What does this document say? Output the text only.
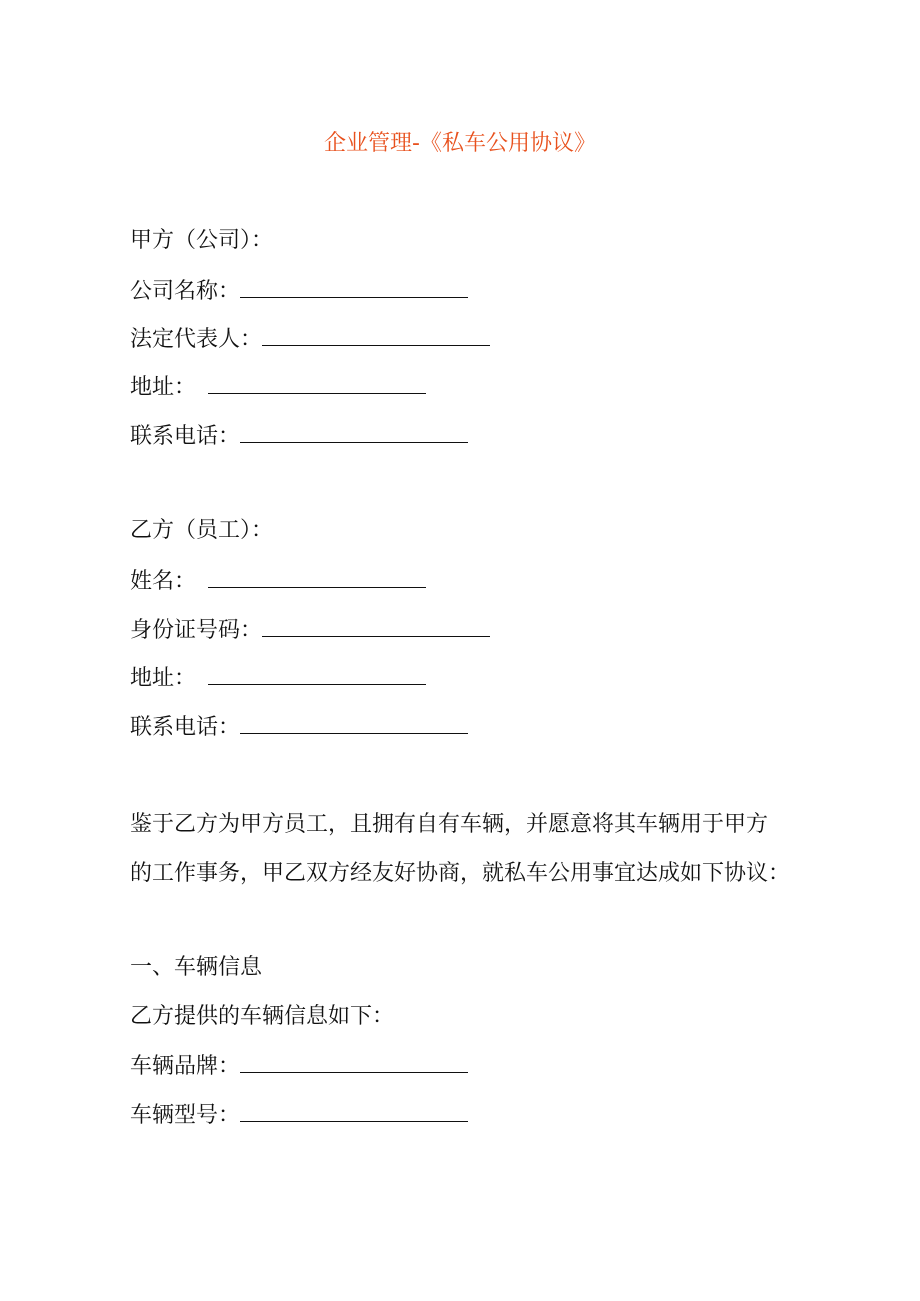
企业管理-《私车公用协议》
甲方（公司）：
公司名称：
法定代表人：
地址：
联系电话：
乙方（员工）：
姓名：
身份证号码：
地址：
联系电话：
鉴于乙方为甲方员工，且拥有自有车辆，并愿意将其车辆用于甲方
的工作事务，甲乙双方经友好协商，就私车公用事宜达成如下协议：
一、车辆信息
乙方提供的车辆信息如下：
车辆品牌：
车辆型号：
